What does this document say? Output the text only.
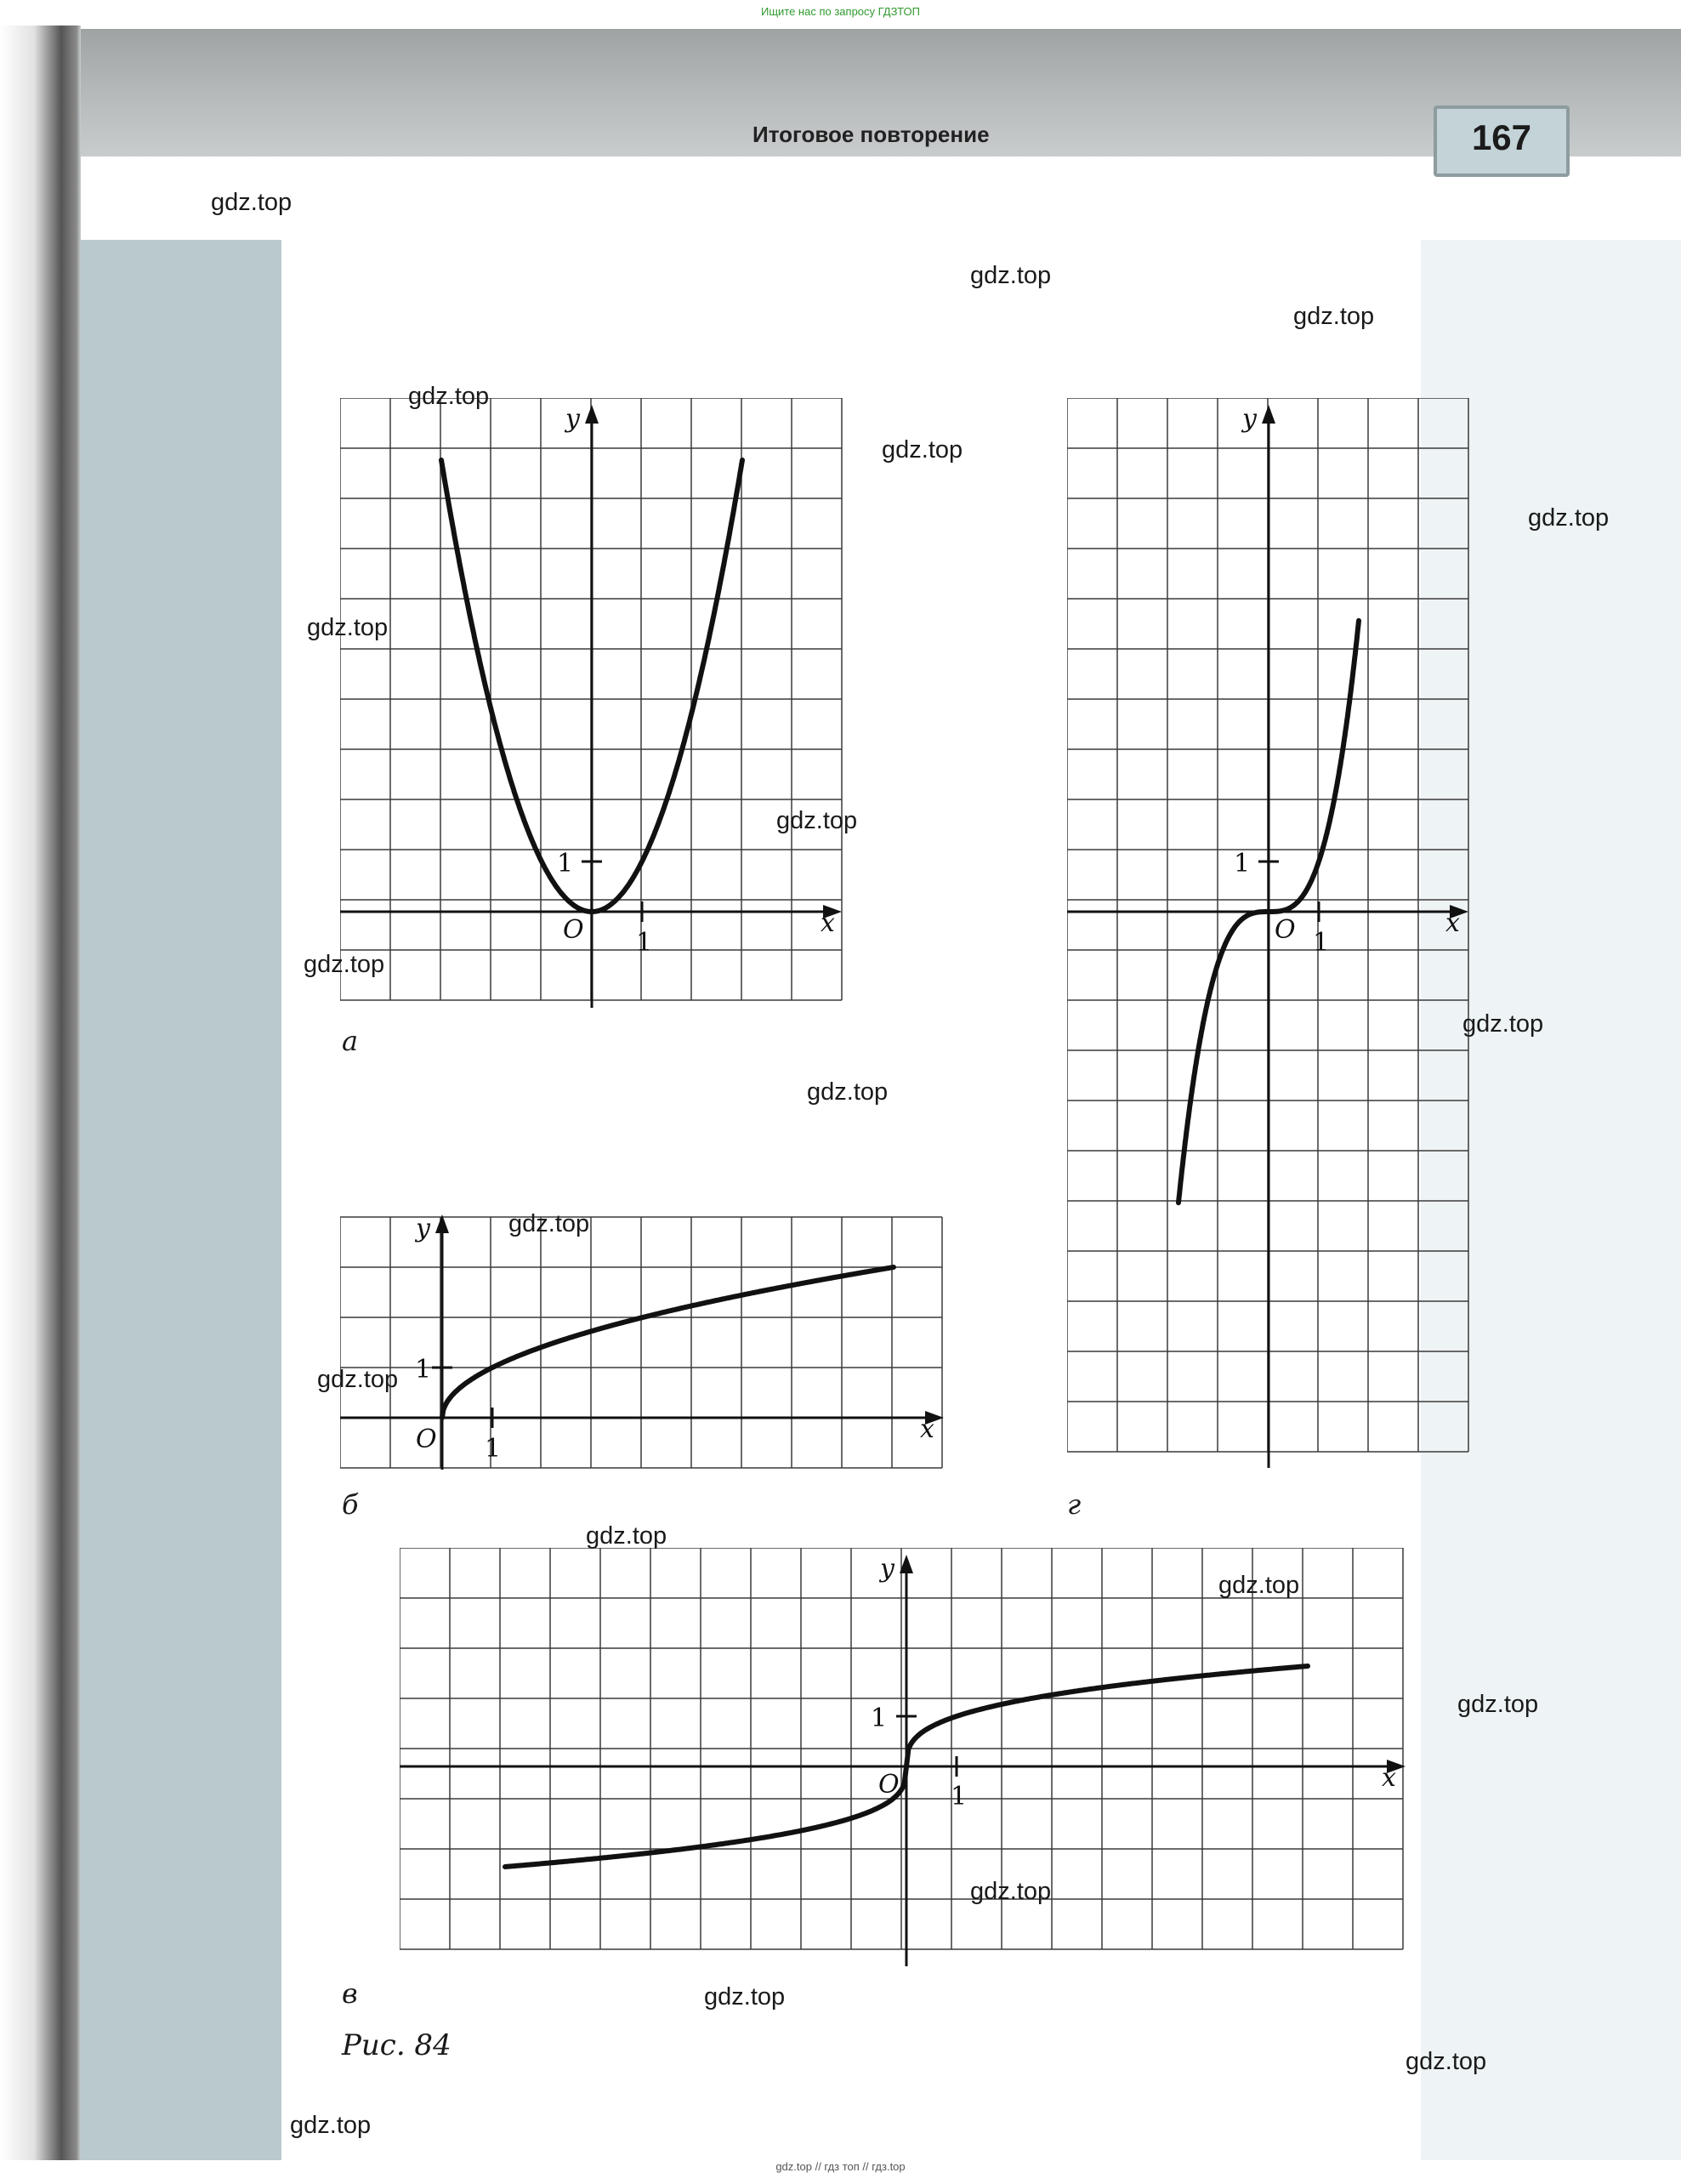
Ищите нас по запросу ГДЗТОП
Итоговое повторение	167
x
y
O 1
1
а
x
y
O 1
1
б
x
y
O 1
1
г
x
y
O 1
1
в
Рис. 84
gdz.top
gdz.top
gdz.top
gdz.top
gdz.top
gdz.top
gdz.top
gdz.top
gdz.top
gdz.top
gdz.top
gdz.top
gdz.top
gdz.top
gdz.top
gdz.top
gdz.top
gdz.top
gdz.top
gdz.top
gdz.top // гдз топ // гдз.top
